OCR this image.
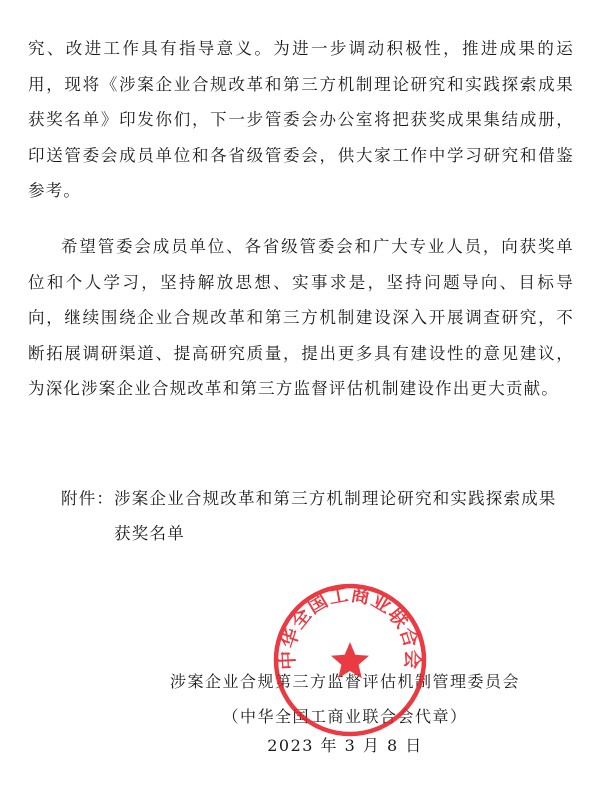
究、改进工作具有指导意义。为进一步调动积极性，推进成果的运用，现将《涉案企业合规改革和第三方机制理论研究和实践探索成果获奖名单》印发你们，下一步管委会办公室将把获奖成果集结成册，印送管委会成员单位和各省级管委会，供大家工作中学习研究和借鉴参考。

希望管委会成员单位、各省级管委会和广大专业人员，向获奖单位和个人学习，坚持解放思想、实事求是，坚持问题导向、目标导向，继续围绕企业合规改革和第三方机制建设深入开展调查研究，不断拓展调研渠道、提高研究质量，提出更多具有建设性的意见建议，为深化涉案企业合规改革和第三方监督评估机制建设作出更大贡献。

附件： 涉案企业合规改革和第三方机制理论研究和实践探索成果获奖名单
涉案企业合规第三方监督评估机制管理委员会
（中华全国工商业联合会代章）
2023 年 3 月 8 日
中华全国工商业联合会
